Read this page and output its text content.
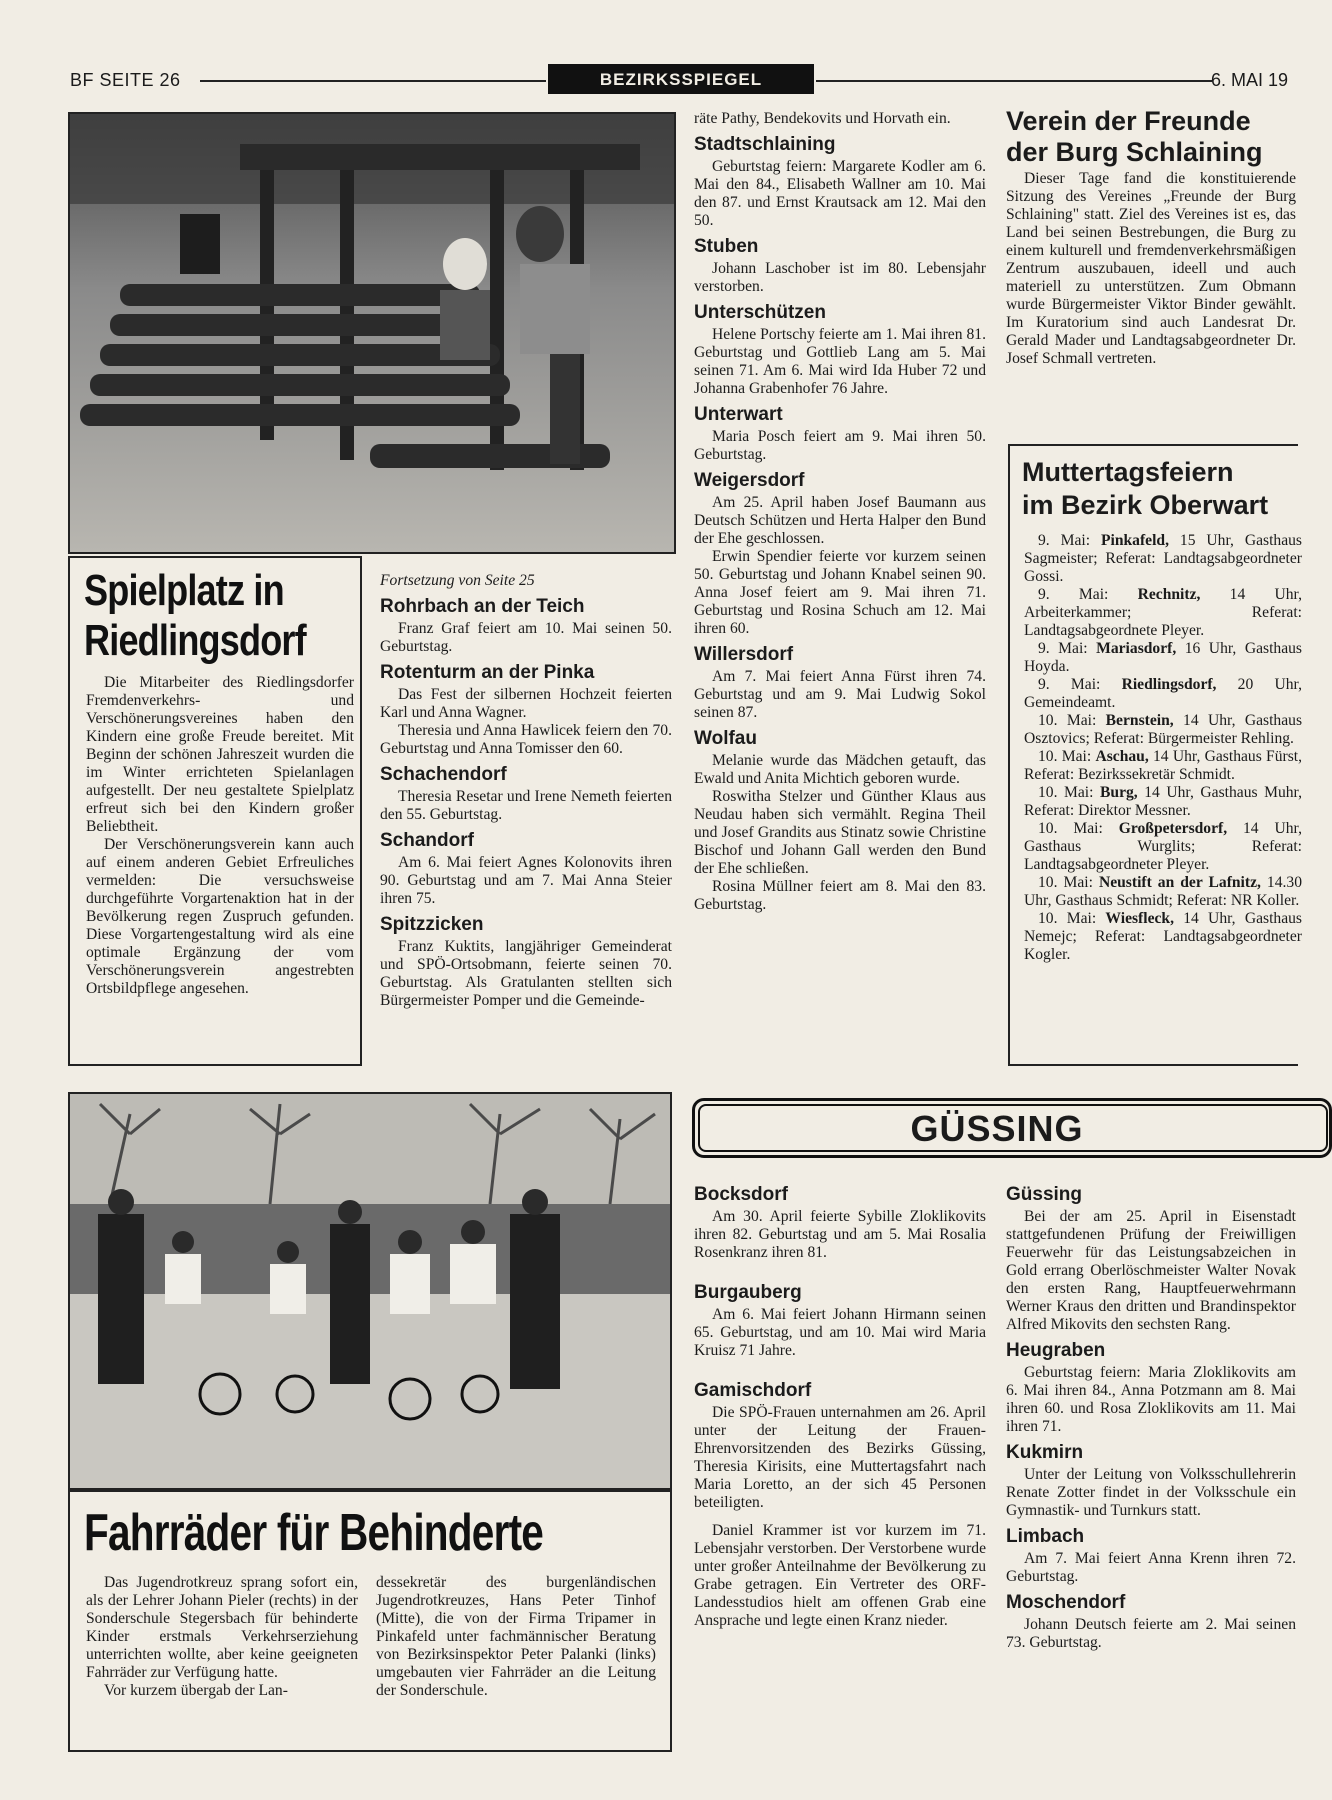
BF SEITE 26	BEZIRKSSPIEGEL	6. MAI 19
Spielplatz in
Riedlingsdorf

Die Mitarbeiter des Riedlingsdorfer Fremdenverkehrs- und Verschönerungsvereines haben den Kindern eine große Freude bereitet. Mit Beginn der schönen Jahreszeit wurden die im Winter errichteten Spielanlagen aufgestellt. Der neu gestaltete Spielplatz erfreut sich bei den Kindern großer Beliebtheit.

Der Verschönerungsverein kann auch auf einem anderen Gebiet Erfreuliches vermelden: Die versuchsweise durchgeführte Vorgartenaktion hat in der Bevölkerung regen Zuspruch gefunden. Diese Vorgartengestaltung wird als eine optimale Ergänzung der vom Verschönerungsverein angestrebten Ortsbildpflege angesehen.

Fortsetzung von Seite 25
Rohrbach an der Teich

Franz Graf feiert am 10. Mai seinen 50. Geburtstag.

Rotenturm an der Pinka

Das Fest der silbernen Hochzeit feierten Karl und Anna Wagner.

Theresia und Anna Hawlicek feiern den 70. Geburtstag und Anna Tomisser den 60.

Schachendorf

Theresia Resetar und Irene Nemeth feierten den 55. Geburtstag.

Schandorf

Am 6. Mai feiert Agnes Kolonovits ihren 90. Geburtstag und am 7. Mai Anna Steier ihren 75.

Spitzzicken

Franz Kuktits, langjähriger Gemeinderat und SPÖ-Ortsobmann, feierte seinen 70. Geburtstag. Als Gratulanten stellten sich Bürgermeister Pomper und die Gemeinde-

räte Pathy, Bendekovits und Horvath ein.

Stadtschlaining

Geburtstag feiern: Margarete Kodler am 6. Mai den 84., Elisabeth Wallner am 10. Mai den 87. und Ernst Krautsack am 12. Mai den 50.

Stuben

Johann Laschober ist im 80. Lebensjahr verstorben.

Unterschützen

Helene Portschy feierte am 1. Mai ihren 81. Geburtstag und Gottlieb Lang am 5. Mai seinen 71. Am 6. Mai wird Ida Huber 72 und Johanna Grabenhofer 76 Jahre.

Unterwart

Maria Posch feiert am 9. Mai ihren 50. Geburtstag.

Weigersdorf

Am 25. April haben Josef Baumann aus Deutsch Schützen und Herta Halper den Bund der Ehe geschlossen.

Erwin Spendier feierte vor kurzem seinen 50. Geburtstag und Johann Knabel seinen 90. Anna Josef feiert am 9. Mai ihren 71. Geburtstag und Rosina Schuch am 12. Mai ihren 60.

Willersdorf

Am 7. Mai feiert Anna Fürst ihren 74. Geburtstag und am 9. Mai Ludwig Sokol seinen 87.

Wolfau

Melanie wurde das Mädchen getauft, das Ewald und Anita Michtich geboren wurde.

Roswitha Stelzer und Günther Klaus aus Neudau haben sich vermählt. Regina Theil und Josef Grandits aus Stinatz sowie Christine Bischof und Johann Gall werden den Bund der Ehe schließen.

Rosina Müllner feiert am 8. Mai den 83. Geburtstag.

Verein der Freunde
der Burg Schlaining

Dieser Tage fand die konstituierende Sitzung des Vereines „Freunde der Burg Schlaining" statt. Ziel des Vereines ist es, das Land bei seinen Bestrebungen, die Burg zu einem kulturell und fremdenverkehrsmäßigen Zentrum auszubauen, ideell und auch materiell zu unterstützen. Zum Obmann wurde Bürgermeister Viktor Binder gewählt. Im Kuratorium sind auch Landesrat Dr. Gerald Mader und Landtagsabgeordneter Dr. Josef Schmall vertreten.

Muttertagsfeiern
im Bezirk Oberwart

9. Mai: Pinkafeld, 15 Uhr, Gasthaus Sagmeister; Referat: Landtagsabgeordneter Gossi.

9. Mai: Rechnitz, 14 Uhr, Arbeiterkammer; Referat: Landtagsabgeordnete Pleyer.

9. Mai: Mariasdorf, 16 Uhr, Gasthaus Hoyda.

9. Mai: Riedlingsdorf, 20 Uhr, Gemeindeamt.

10. Mai: Bernstein, 14 Uhr, Gasthaus Osztovics; Referat: Bürgermeister Rehling.

10. Mai: Aschau, 14 Uhr, Gasthaus Fürst, Referat: Bezirkssekretär Schmidt.

10. Mai: Burg, 14 Uhr, Gasthaus Muhr, Referat: Direktor Messner.

10. Mai: Großpetersdorf, 14 Uhr, Gasthaus Wurglits; Referat: Landtagsabgeordneter Pleyer.

10. Mai: Neustift an der Lafnitz, 14.30 Uhr, Gasthaus Schmidt; Referat: NR Koller.

10. Mai: Wiesfleck, 14 Uhr, Gasthaus Nemejc; Referat: Landtagsabgeordneter Kogler.

Fahrräder für Behinderte

Das Jugendrotkreuz sprang sofort ein, als der Lehrer Johann Pieler (rechts) in der Sonderschule Stegersbach für behinderte Kinder erstmals Verkehrserziehung unterrichten wollte, aber keine geeigneten Fahrräder zur Verfügung hatte.

Vor kurzem übergab der Lan-

dessekretär des burgenländischen Jugendrotkreuzes, Hans Peter Tinhof (Mitte), die von der Firma Tripamer in Pinkafeld unter fachmännischer Beratung von Bezirksinspektor Peter Palanki (links) umgebauten vier Fahrräder an die Leitung der Sonderschule.

GÜSSING
Bocksdorf

Am 30. April feierte Sybille Zloklikovits ihren 82. Geburtstag und am 5. Mai Rosalia Rosenkranz ihren 81.

Burgauberg

Am 6. Mai feiert Johann Hirmann seinen 65. Geburtstag, und am 10. Mai wird Maria Kruisz 71 Jahre.

Gamischdorf

Die SPÖ-Frauen unternahmen am 26. April unter der Leitung der Frauen-Ehrenvorsitzenden des Bezirks Güssing, Theresia Kirisits, eine Muttertagsfahrt nach Maria Loretto, an der sich 45 Personen beteiligten.

Daniel Krammer ist vor kurzem im 71. Lebensjahr verstorben. Der Verstorbene wurde unter großer Anteilnahme der Bevölkerung zu Grabe getragen. Ein Vertreter des ORF-Landesstudios hielt am offenen Grab eine Ansprache und legte einen Kranz nieder.

Güssing

Bei der am 25. April in Eisenstadt stattgefundenen Prüfung der Freiwilligen Feuerwehr für das Leistungsabzeichen in Gold errang Oberlöschmeister Walter Novak den ersten Rang, Hauptfeuerwehrmann Werner Kraus den dritten und Brandinspektor Alfred Mikovits den sechsten Rang.

Heugraben

Geburtstag feiern: Maria Zloklikovits am 6. Mai ihren 84., Anna Potzmann am 8. Mai ihren 60. und Rosa Zloklikovits am 11. Mai ihren 71.

Kukmirn

Unter der Leitung von Volksschullehrerin Renate Zotter findet in der Volksschule ein Gymnastik- und Turnkurs statt.

Limbach

Am 7. Mai feiert Anna Krenn ihren 72. Geburtstag.

Moschendorf

Johann Deutsch feierte am 2. Mai seinen 73. Geburtstag.
